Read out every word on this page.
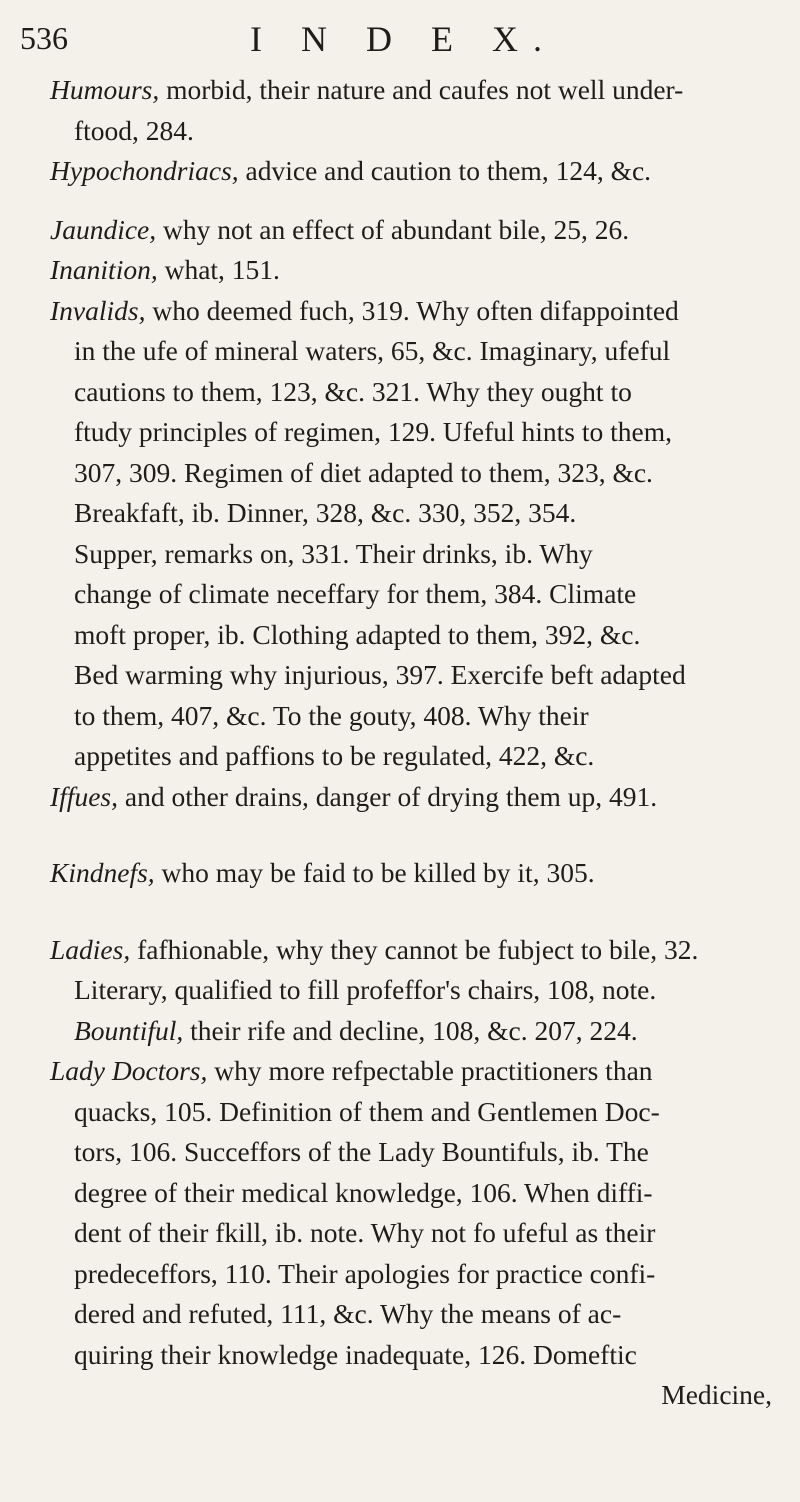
536	I N D E X.
Humours, morbid, their nature and caufes not well under-
ftood, 284.
Hypochondriacs, advice and caution to them, 124, &c.
Jaundice, why not an effect of abundant bile, 25, 26.
Inanition, what, 151.
Invalids, who deemed fuch, 319. Why often difappointed
in the ufe of mineral waters, 65, &c. Imaginary, ufeful
cautions to them, 123, &c. 321. Why they ought to
ftudy principles of regimen, 129. Ufeful hints to them,
307, 309. Regimen of diet adapted to them, 323, &c.
Breakfaft, ib. Dinner, 328, &c. 330, 352, 354.
Supper, remarks on, 331. Their drinks, ib. Why
change of climate neceffary for them, 384. Climate
moft proper, ib. Clothing adapted to them, 392, &c.
Bed warming why injurious, 397. Exercife beft adapted
to them, 407, &c. To the gouty, 408. Why their
appetites and paffions to be regulated, 422, &c.
Iffues, and other drains, danger of drying them up, 491.
Kindnefs, who may be faid to be killed by it, 305.
Ladies, fafhionable, why they cannot be fubject to bile, 32.
Literary, qualified to fill profeffor's chairs, 108, note.
Bountiful, their rife and decline, 108, &c. 207, 224.
Lady Doctors, why more refpectable practitioners than
quacks, 105. Definition of them and Gentlemen Doc-
tors, 106. Succeffors of the Lady Bountifuls, ib. The
degree of their medical knowledge, 106. When diffi-
dent of their fkill, ib. note. Why not fo ufeful as their
predeceffors, 110. Their apologies for practice confi-
dered and refuted, 111, &c. Why the means of ac-
quiring their knowledge inadequate, 126. Domeftic
Medicine,
